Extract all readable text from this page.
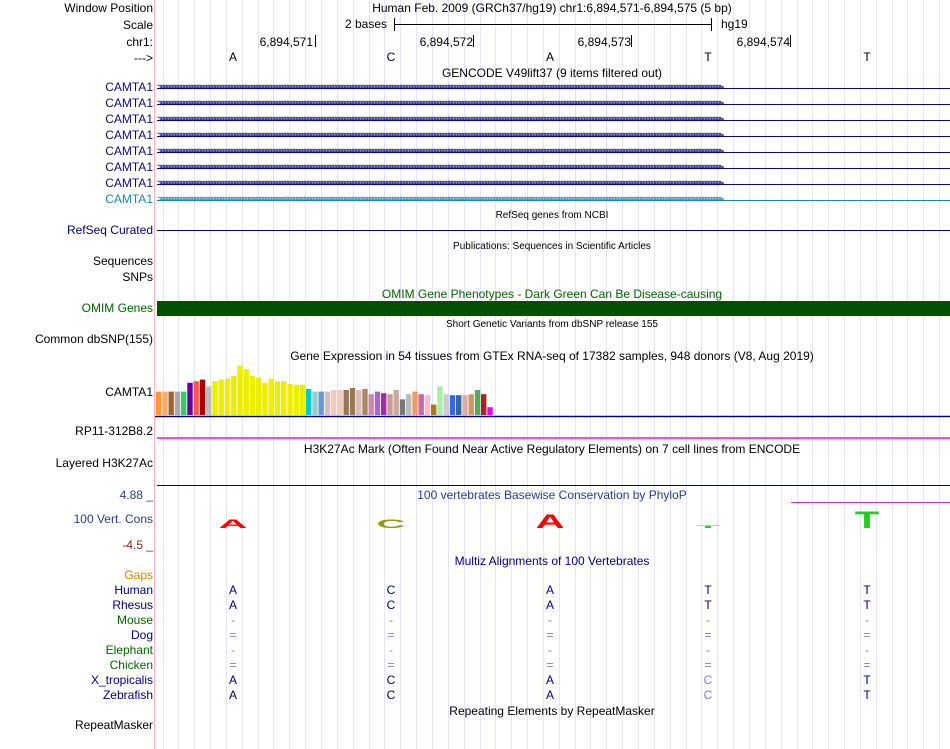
Window Position	Human Feb. 2009 (GRCh37/hg19) chr1:6,894,571-6,894,575 (5 bp)
Scale	2 bases	hg19
chr1:	6,894,571	6,894,572	6,894,573	6,894,574
--->	A	C	A	T	T
GENCODE V49lift37 (9 items filtered out)
CAMTA1
CAMTA1
CAMTA1
CAMTA1
CAMTA1
CAMTA1
CAMTA1
CAMTA1
RefSeq genes from NCBI
RefSeq Curated
Publications: Sequences in Scientific Articles
Sequences
SNPs
OMIM Gene Phenotypes - Dark Green Can Be Disease-causing
OMIM Genes
Short Genetic Variants from dbSNP release 155
Common dbSNP(155)
Gene Expression in 54 tissues from GTEx RNA-seq of 17382 samples, 948 donors (V8, Aug 2019)
CAMTA1
RP11-312B8.2
H3K27Ac Mark (Often Found Near Active Regulatory Elements) on 7 cell lines from ENCODE
Layered H3K27Ac
100 vertebrates Basewise Conservation by PhyloP
4.88 _
100 Vert. Cons
-4.5 _
A	C	A	T	T
Multiz Alignments of 100 Vertebrates
Gaps
Human	A	C	A	T	T
Rhesus	A	C	A	T	T
Mouse	-	-	-	-	-
Dog	=	=	=	=	=
Elephant	-	-	-	-	-
Chicken	=	=	=	=	=
X_tropicalis	A	C	A	C	T
Zebrafish	A	C	A	C	T
Repeating Elements by RepeatMasker
RepeatMasker
